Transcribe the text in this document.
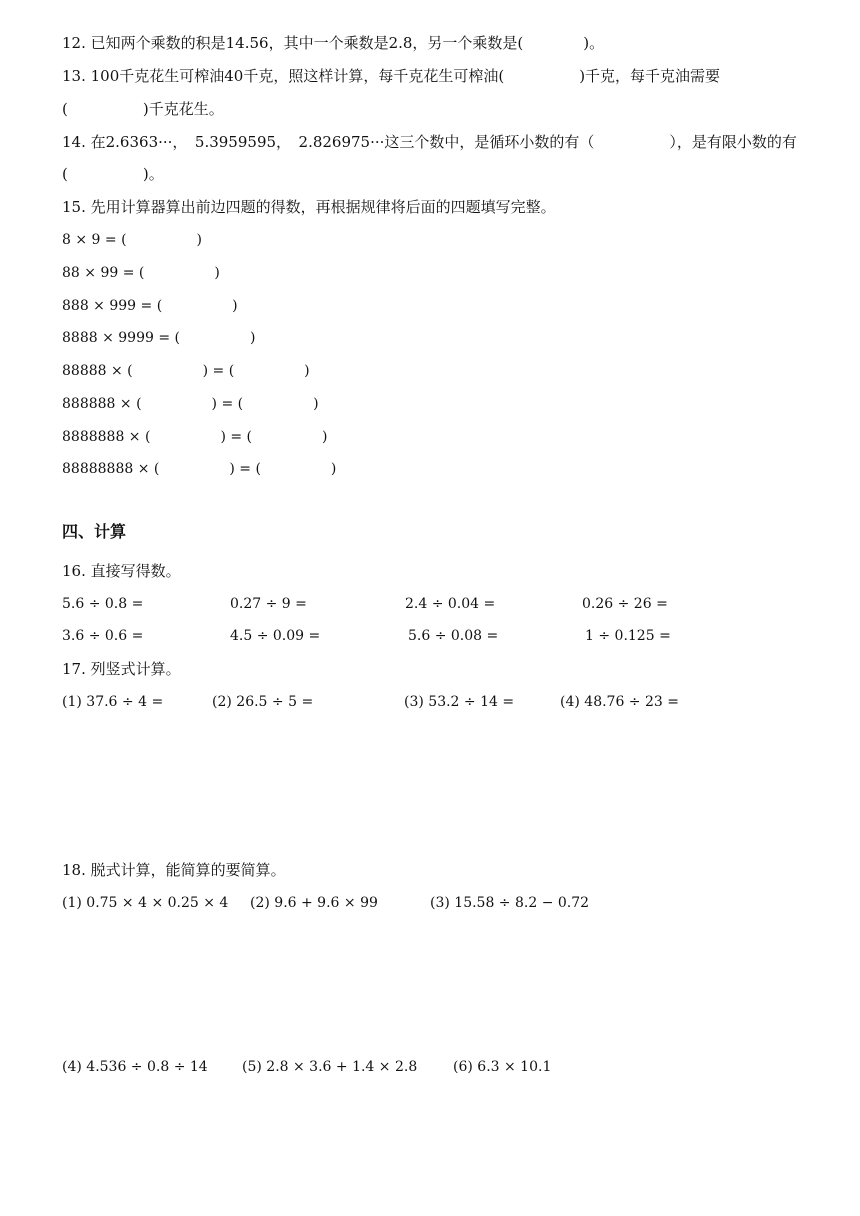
12. 已知两个乘数的积是14.56，其中一个乘数是2.8，另一个乘数是(　　　　)。
13. 100千克花生可榨油40千克，照这样计算，每千克花生可榨油(　　　　　)千克，每千克油需要
(　　　　　)千克花生。
14. 在2.6363···，　5.3959595，　2.826975···这三个数中，是循环小数的有（　　　　　），是有限小数的有
(　　　　　)。
15. 先用计算器算出前边四题的得数，再根据规律将后面的四题填写完整。
8 × 9 = (　　　　　)
88 × 99 = (　　　　　)
888 × 999 = (　　　　　)
8888 × 9999 = (　　　　　)
88888 × (　　　　　) = (　　　　　)
888888 × (　　　　　) = (　　　　　)
8888888 × (　　　　　) = (　　　　　)
88888888 × (　　　　　) = (　　　　　)
四、计算
16. 直接写得数。
5.6 ÷ 0.8 =	0.27 ÷ 9 =	2.4 ÷ 0.04 =	0.26 ÷ 26 =
3.6 ÷ 0.6 =	4.5 ÷ 0.09 =	5.6 ÷ 0.08 =	1 ÷ 0.125 =
17. 列竖式计算。
(1) 37.6 ÷ 4 =	(2) 26.5 ÷ 5 =	(3) 53.2 ÷ 14 =	(4) 48.76 ÷ 23 =
18. 脱式计算，能简算的要简算。
(1) 0.75 × 4 × 0.25 × 4 (2) 9.6 + 9.6 × 99	(3) 15.58 ÷ 8.2 − 0.72
(4) 4.536 ÷ 0.8 ÷ 14 (5) 2.8 × 3.6 + 1.4 × 2.8	(6) 6.3 × 10.1
